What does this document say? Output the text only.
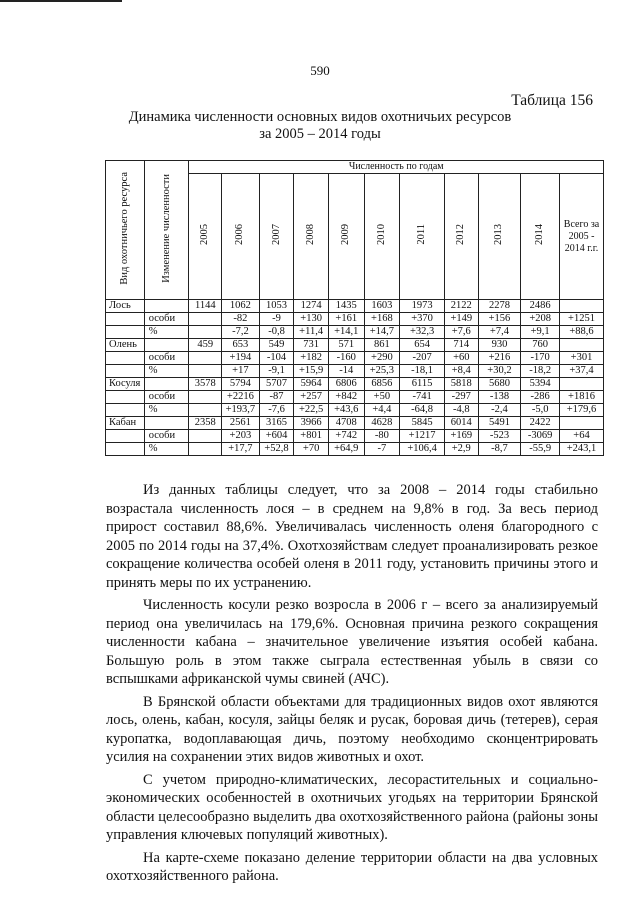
590
Таблица 156
Динамика численности основных видов охотничьих ресурсов
за 2005 – 2014 годы
Вид охотничьего ресурса	Изменение численности	Численность по годам										
		2005	2006	2007	2008	2009	2010	2011	2012	2013	2014	Всего за 2005 - 2014 г.г.
Лось		1144	1062	1053	1274	1435	1603	1973	2122	2278	2486	
	особи		-82	-9	+130	+161	+168	+370	+149	+156	+208	+1251
	%		-7,2	-0,8	+11,4	+14,1	+14,7	+32,3	+7,6	+7,4	+9,1	+88,6
Олень		459	653	549	731	571	861	654	714	930	760	
	особи		+194	-104	+182	-160	+290	-207	+60	+216	-170	+301
	%		+17	-9,1	+15,9	-14	+25,3	-18,1	+8,4	+30,2	-18,2	+37,4
Косуля		3578	5794	5707	5964	6806	6856	6115	5818	5680	5394	
	особи		+2216	-87	+257	+842	+50	-741	-297	-138	-286	+1816
	%		+193,7	-7,6	+22,5	+43,6	+4,4	-64,8	-4,8	-2,4	-5,0	+179,6
Кабан		2358	2561	3165	3966	4708	4628	5845	6014	5491	2422	
	особи		+203	+604	+801	+742	-80	+1217	+169	-523	-3069	+64
	%		+17,7	+52,8	+70	+64,9	-7	+106,4	+2,9	-8,7	-55,9	+243,1

Из данных таблицы следует, что за 2008 – 2014 годы стабильно возрастала численность лося – в среднем на 9,8% в год. За весь период прирост составил 88,6%. Увеличивалась численность оленя благородного с 2005 по 2014 годы на 37,4%. Охотхозяйствам следует проанализировать резкое сокращение количества особей оленя в 2011 году, установить причины этого и принять меры по их устранению.

Численность косули резко возросла в 2006 г – всего за анализируемый период она увеличилась на 179,6%. Основная причина резкого сокращения численности кабана – значительное увеличение изъятия особей кабана. Большую роль в этом также сыграла естественная убыль в связи со вспышками африканской чумы свиней (АЧС).

В Брянской области объектами для традиционных видов охот являются лось, олень, кабан, косуля, зайцы беляк и русак, боровая дичь (тетерев), серая куропатка, водоплавающая дичь, поэтому необходимо сконцентрировать усилия на сохранении этих видов животных и охот.

С учетом природно-климатических, лесорастительных и социально-экономических особенностей в охотничьих угодьях на территории Брянской области целесообразно выделить два охотхозяйственного района (районы зоны управления ключевых популяций животных).

На карте-схеме показано деление территории области на два условных охотхозяйственного района.
